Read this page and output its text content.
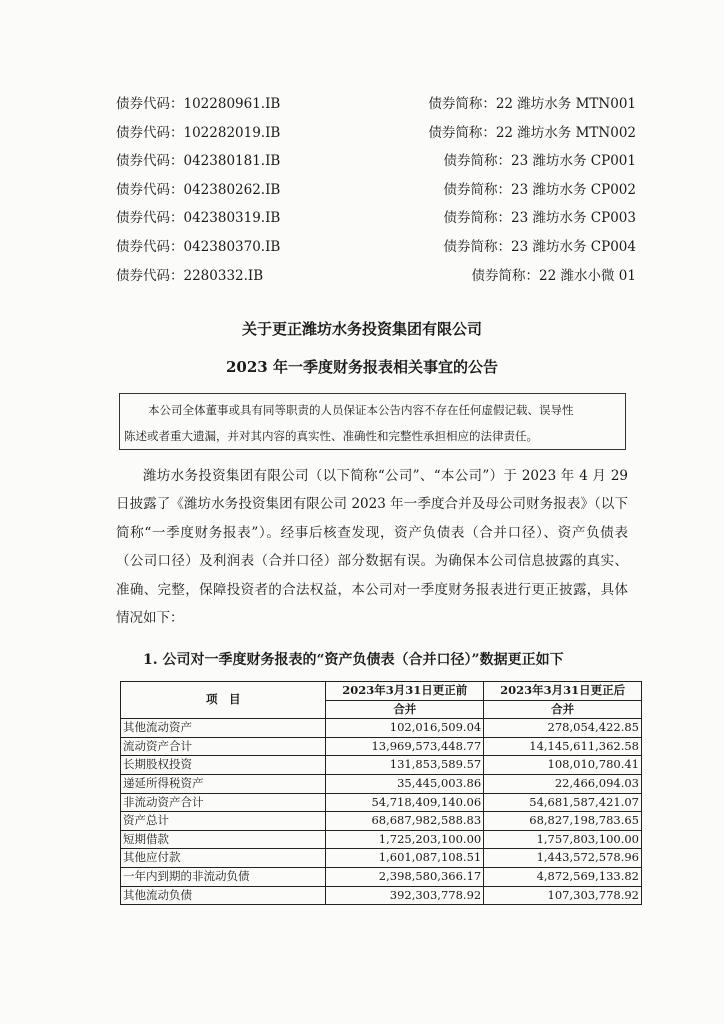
债券代码：102280961.IB	债券简称：22 潍坊水务 MTN001
债券代码：102282019.IB	债券简称：22 潍坊水务 MTN002
债券代码：042380181.IB	债券简称：23 潍坊水务 CP001
债券代码：042380262.IB	债券简称：23 潍坊水务 CP002
债券代码：042380319.IB	债券简称：23 潍坊水务 CP003
债券代码：042380370.IB	债券简称：23 潍坊水务 CP004
债券代码：2280332.IB	债券简称：22 潍水小微 01
关于更正潍坊水务投资集团有限公司
2023 年一季度财务报表相关事宜的公告

本公司全体董事或具有同等职责的人员保证本公告内容不存在任何虚假记载、误导性

陈述或者重大遗漏，并对其内容的真实性、准确性和完整性承担相应的法律责任。

潍坊水务投资集团有限公司（以下简称“公司”、“本公司”）于 2023 年 4 月 29 日披露了《潍坊水务投资集团有限公司 2023 年一季度合并及母公司财务报表》（以下简称“一季度财务报表”）。经事后核查发现，资产负债表（合并口径）、资产负债表（公司口径）及利润表（合并口径）部分数据有误。为确保本公司信息披露的真实、准确、完整，保障投资者的合法权益，本公司对一季度财务报表进行更正披露，具体情况如下：

1. 公司对一季度财务报表的“资产负债表（合并口径）”数据更正如下
项　目	2023年3月31日更正前	2023年3月31日更正后
	合并	合并
其他流动资产	102,016,509.04	278,054,422.85
流动资产合计	13,969,573,448.77	14,145,611,362.58
长期股权投资	131,853,589.57	108,010,780.41
递延所得税资产	35,445,003.86	22,466,094.03
非流动资产合计	54,718,409,140.06	54,681,587,421.07
资产总计	68,687,982,588.83	68,827,198,783.65
短期借款	1,725,203,100.00	1,757,803,100.00
其他应付款	1,601,087,108.51	1,443,572,578.96
一年内到期的非流动负债	2,398,580,366.17	4,872,569,133.82
其他流动负债	392,303,778.92	107,303,778.92
